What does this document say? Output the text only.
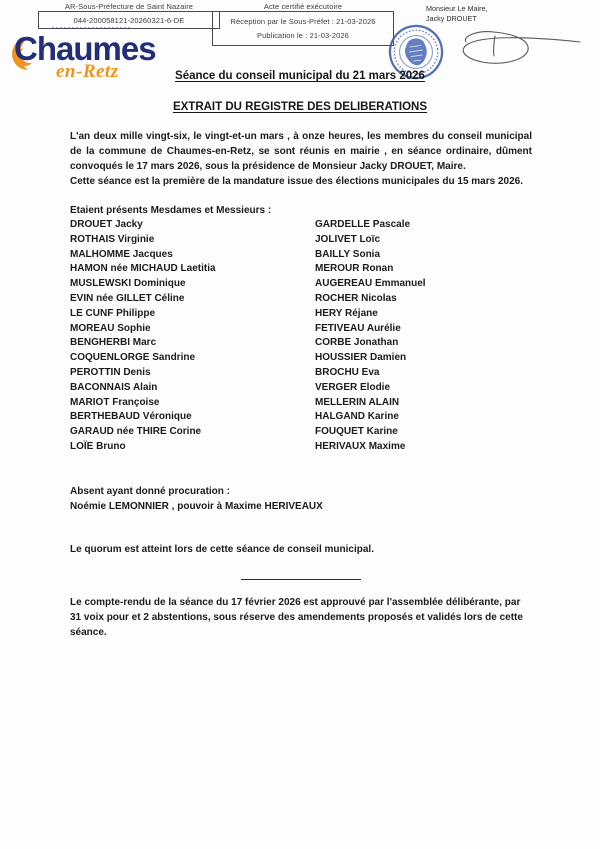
AR-Sous-Préfecture de Saint Nazaire
044-200058121-20260321-6-DE
Acte certifié exécutoire
Réception par le Sous-Préfet : 21-03-2026
Publication le : 21-03-2026
Monsieur Le Maire,
Jacky DROUET
Chaumes
en-Retz	Séance du conseil municipal du 21 mars 2026
EXTRAIT DU REGISTRE DES DELIBERATIONS

L'an deux mille vingt-six, le vingt-et-un mars , à onze heures, les membres du conseil municipal de la commune de Chaumes-en-Retz, se sont réunis en mairie , en séance ordinaire, dûment convoqués le 17 mars 2026, sous la présidence de Monsieur Jacky DROUET, Maire.

Cette séance est la première de la mandature issue des élections municipales du 15 mars 2026.

Etaient présents Mesdames et Messieurs :
DROUET Jacky
ROTHAIS Virginie
MALHOMME Jacques
HAMON née MICHAUD Laetitia
MUSLEWSKI Dominique
EVIN née GILLET Céline
LE CUNF Philippe
MOREAU Sophie
BENGHERBI Marc
COQUENLORGE Sandrine
PEROTTIN Denis
BACONNAIS Alain
MARIOT Françoise
BERTHEBAUD Véronique
GARAUD née THIRE Corine
LOÏE Bruno
GARDELLE Pascale
JOLIVET Loïc
BAILLY Sonia
MEROUR Ronan
AUGEREAU Emmanuel
ROCHER Nicolas
HERY Réjane
FETIVEAU Aurélie
CORBE Jonathan
HOUSSIER Damien
BROCHU Eva
VERGER Elodie
MELLERIN ALAIN
HALGAND Karine
FOUQUET Karine
HERIVAUX Maxime
Absent ayant donné procuration :
Noémie LEMONNIER , pouvoir à Maxime HERIVEAUX
Le quorum est atteint lors de cette séance de conseil municipal.

Le compte-rendu de la séance du 17 février 2026 est approuvé par l'assemblée délibérante, par 31 voix pour et 2 abstentions, sous réserve des amendements proposés et validés lors de cette séance.
